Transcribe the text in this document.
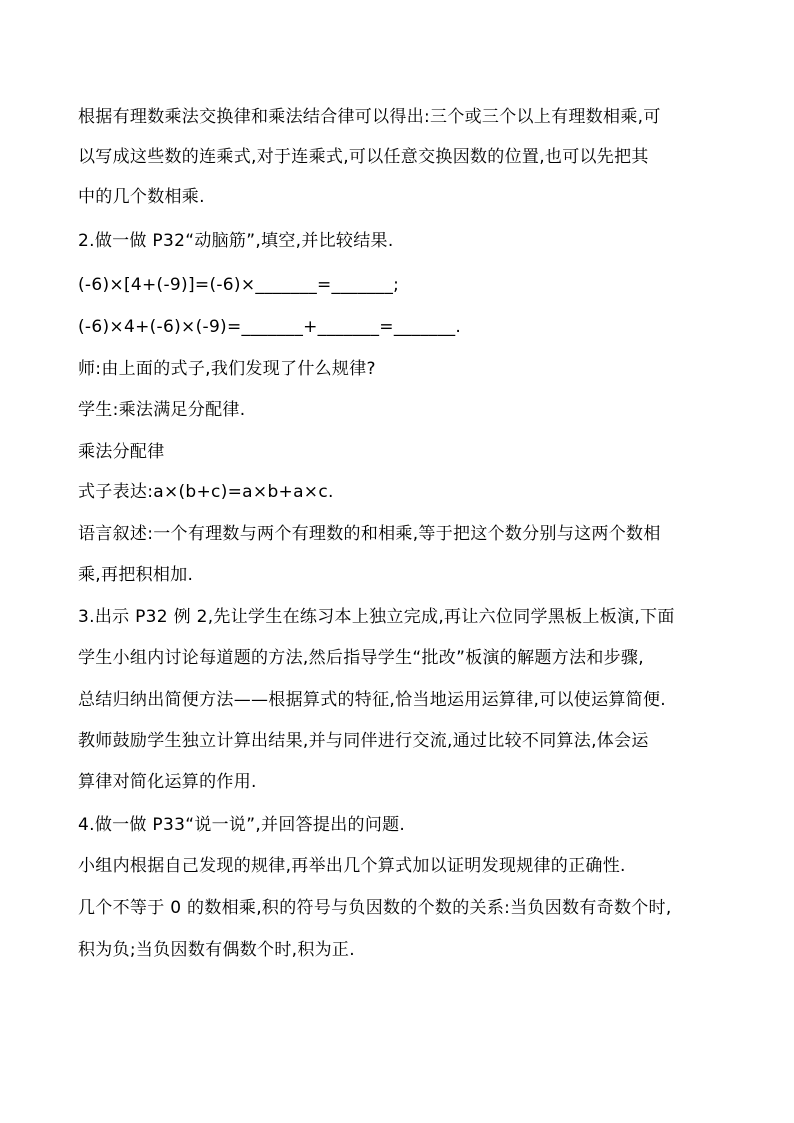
根据有理数乘法交换律和乘法结合律可以得出:三个或三个以上有理数相乘,可
以写成这些数的连乘式,对于连乘式,可以任意交换因数的位置,也可以先把其
中的几个数相乘.
2.做一做 P32“动脑筋”,填空,并比较结果.
(-6)×[4+(-9)]=(-6)×_______=_______;
(-6)×4+(-6)×(-9)=_______+_______=_______.
师:由上面的式子,我们发现了什么规律?
学生:乘法满足分配律.
乘法分配律
式子表达:a×(b+c)=a×b+a×c.
语言叙述:一个有理数与两个有理数的和相乘,等于把这个数分别与这两个数相
乘,再把积相加.
3.出示 P32 例 2,先让学生在练习本上独立完成,再让六位同学黑板上板演,下面
学生小组内讨论每道题的方法,然后指导学生“批改”板演的解题方法和步骤,
总结归纳出简便方法——根据算式的特征,恰当地运用运算律,可以使运算简便.
教师鼓励学生独立计算出结果,并与同伴进行交流,通过比较不同算法,体会运
算律对简化运算的作用.
4.做一做 P33“说一说”,并回答提出的问题.
小组内根据自己发现的规律,再举出几个算式加以证明发现规律的正确性.
几个不等于 0 的数相乘,积的符号与负因数的个数的关系:当负因数有奇数个时,
积为负;当负因数有偶数个时,积为正.
